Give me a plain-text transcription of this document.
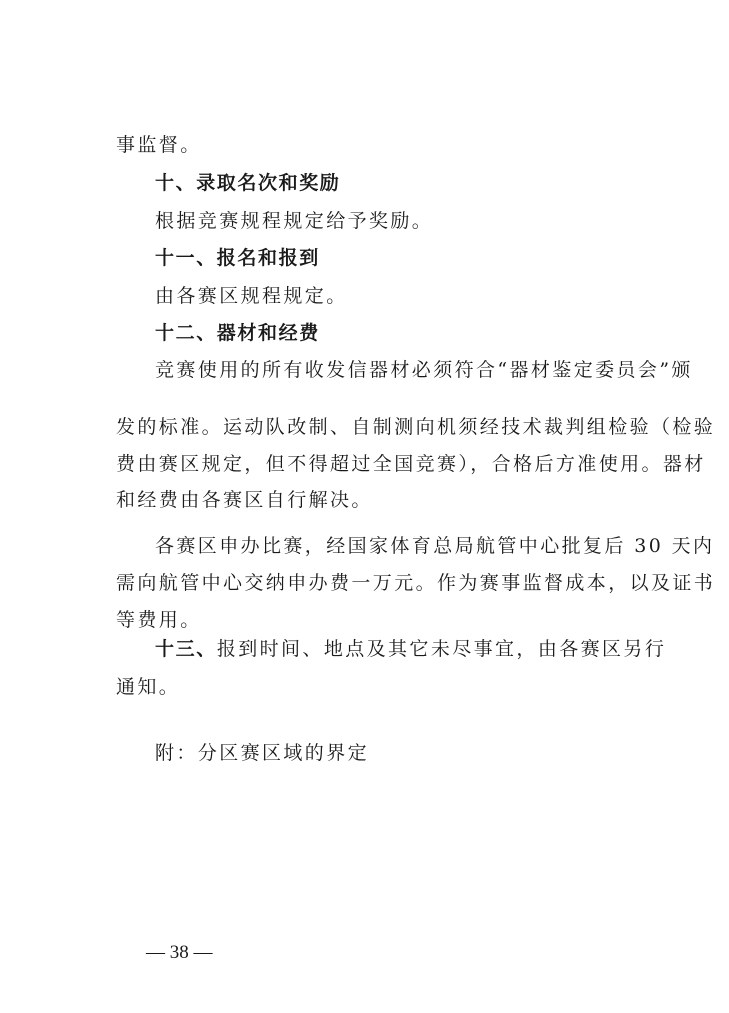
事监督。
十、录取名次和奖励
根据竞赛规程规定给予奖励。
十一、报名和报到
由各赛区规程规定。
十二、器材和经费
竞赛使用的所有收发信器材必须符合“器材鉴定委员会”颁
发的标准。运动队改制、自制测向机须经技术裁判组检验（检验
费由赛区规定，但不得超过全国竞赛），合格后方准使用。器材
和经费由各赛区自行解决。
各赛区申办比赛，经国家体育总局航管中心批复后 30 天内
需向航管中心交纳申办费一万元。作为赛事监督成本，以及证书
等费用。
十三、报到时间、地点及其它未尽事宜，由各赛区另行
通知。
附：分区赛区域的界定
— 38 —
